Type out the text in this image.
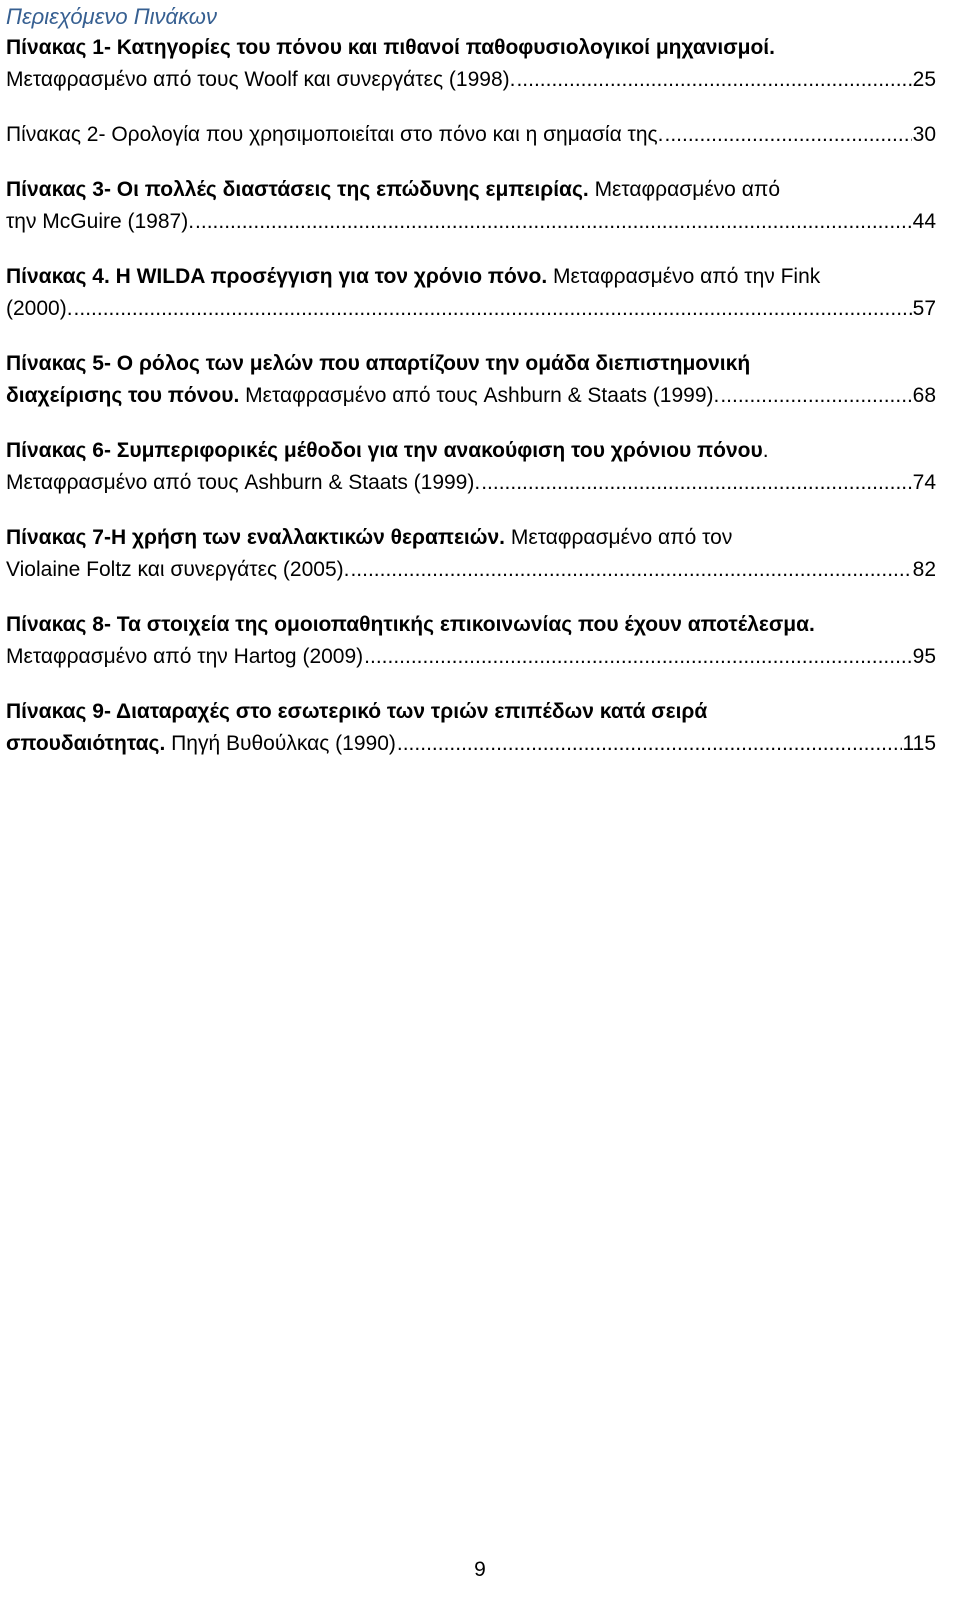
Περιεχόμενο Πινάκων
Πίνακας 1- Κατηγορίες του πόνου και πιθανοί παθοφυσιολογικοί μηχανισμοί.
Μεταφρασμένο από τους Woolf και συνεργάτες (1998). .....	25
Πίνακας 2- Ορολογία που χρησιμοποιείται στο πόνο και η σημασία της. .....	30
Πίνακας 3- Οι πολλές διαστάσεις της επώδυνης εμπειρίας. Μεταφρασμένο από
την McGuire (1987). .....	44
Πίνακας 4. Η WILDA προσέγγιση για τον χρόνιο πόνο. Μεταφρασμένο από την Fink
(2000). .....	57
Πίνακας 5- Ο ρόλος των μελών που απαρτίζουν την ομάδα διεπιστημονική
διαχείρισης του πόνου. Μεταφρασμένο από τους Ashburn & Staats (1999). .....	68
Πίνακας 6- Συμπεριφορικές μέθοδοι για την ανακούφιση του χρόνιου πόνου.
Μεταφρασμένο από τους Ashburn & Staats (1999). .....	74
Πίνακας 7-Η χρήση των εναλλακτικών θεραπειών. Μεταφρασμένο από τον
Violaine Foltz και συνεργάτες (2005). .....	82
Πίνακας 8- Τα στοιχεία της ομοιοπαθητικής επικοινωνίας που έχουν αποτέλεσμα.
Μεταφρασμένο από την Hartog (2009) .....	95
Πίνακας 9- Διαταραχές στο εσωτερικό των τριών επιπέδων κατά σειρά
σπουδαιότητας. Πηγή Βυθούλκας (1990) .....	115
9
